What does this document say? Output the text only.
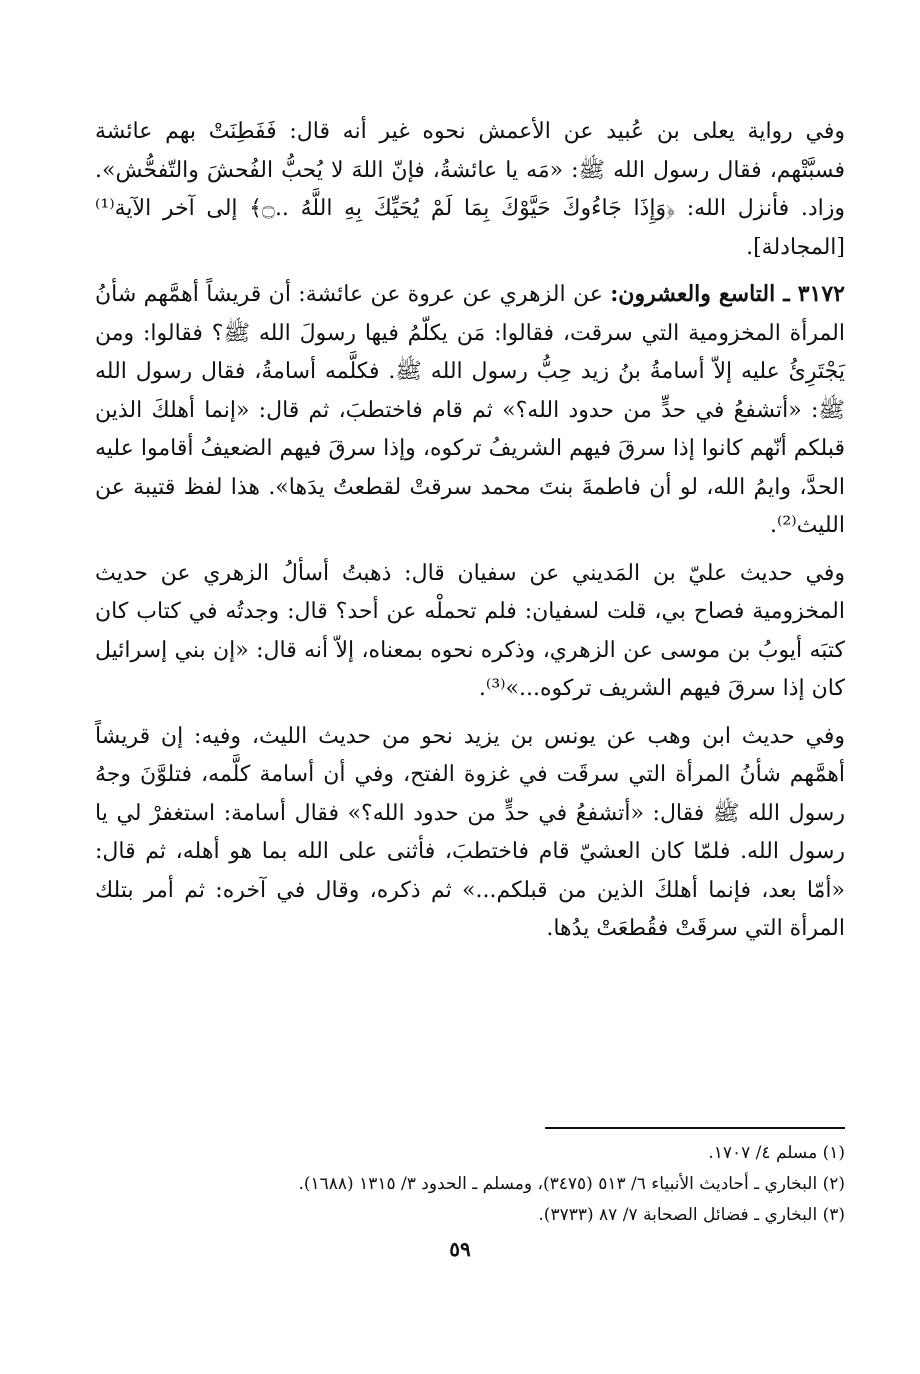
وفي رواية يعلى بن عُبيد عن الأعمش نحوه غير أنه قال: فَفَطِنَتْ بهم عائشة فسبَّتْهم، فقال رسول الله ﷺ: «مَه يا عائشةُ، فإنّ اللهَ لا يُحبُّ الفُحشَ والتّفحُّش». وزاد. فأنزل الله: ﴿وَإِذَا جَاءُوكَ حَيَّوْكَ بِمَا لَمْ يُحَيِّكَ بِهِ اللَّهُ ..۝﴾ إلى آخر الآية⁽¹⁾ [المجادلة].

٣١٧٢ ـ التاسع والعشرون: عن الزهري عن عروة عن عائشة: أن قريشاً أهمَّهم شأنُ المرأة المخزومية التي سرقت، فقالوا: مَن يكلّمُ فيها رسولَ الله ﷺ؟ فقالوا: ومن يَجْتَرِئُ عليه إلاّ أسامةُ بنُ زيد حِبُّ رسول الله ﷺ. فكلَّمه أسامةُ، فقال رسول الله ﷺ: «أتشفعُ في حدٍّ من حدود الله؟» ثم قام فاختطبَ، ثم قال: «إنما أهلكَ الذين قبلكم أنّهم كانوا إذا سرقَ فيهم الشريفُ تركوه، وإذا سرقَ فيهم الضعيفُ أقاموا عليه الحدَّ، وايمُ الله، لو أن فاطمةَ بنتَ محمد سرقتْ لقطعتُ يدَها». هذا لفظ قتيبة عن الليث⁽²⁾.

وفي حديث عليّ بن المَديني عن سفيان قال: ذهبتُ أسألُ الزهري عن حديث المخزومية فصاح بي، قلت لسفيان: فلم تحملْه عن أحد؟ قال: وجدتُه في كتاب كان كتبَه أيوبُ بن موسى عن الزهري، وذكره نحوه بمعناه، إلاّ أنه قال: «إن بني إسرائيل كان إذا سرقَ فيهم الشريف تركوه...»⁽³⁾.

وفي حديث ابن وهب عن يونس بن يزيد نحو من حديث الليث، وفيه: إن قريشاً أهمَّهم شأنُ المرأة التي سرقَت في غزوة الفتح، وفي أن أسامة كلَّمه، فتلوَّنَ وجهُ رسول الله ﷺ فقال: «أتشفعُ في حدٍّ من حدود الله؟» فقال أسامة: استغفرْ لي يا رسول الله. فلمّا كان العشيّ قام فاختطبَ، فأثنى على الله بما هو أهله، ثم قال: «أمّا بعد، فإنما أهلكَ الذين من قبلكم...» ثم ذكره، وقال في آخره: ثم أمر بتلك المرأة التي سرقَتْ فقُطعَتْ يدُها.

(١) مسلم ٤/ ١٧٠٧.

(٢) البخاري ـ أحاديث الأنبياء ٦/ ٥١٣ (٣٤٧٥)، ومسلم ـ الحدود ٣/ ١٣١٥ (١٦٨٨).

(٣) البخاري ـ فضائل الصحابة ٧/ ٨٧ (٣٧٣٣).

٥٩
